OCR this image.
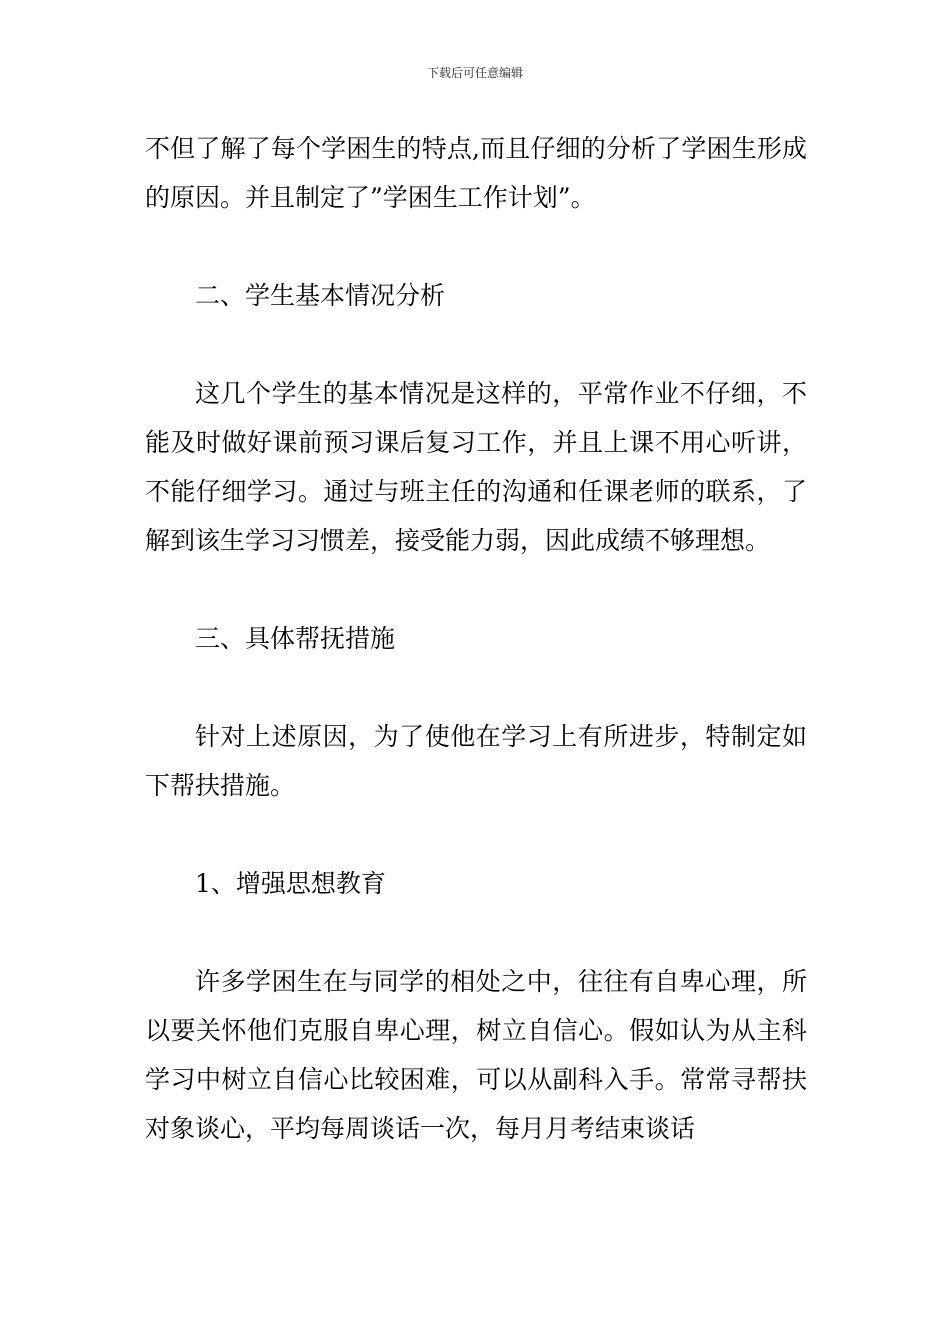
下载后可任意编辑

不但了解了每个学困生的特点,而且仔细的分析了学困生形成的原因。并且制定了”学困生工作计划”。

二、学生基本情况分析

这几个学生的基本情况是这样的，平常作业不仔细，不能及时做好课前预习课后复习工作，并且上课不用心听讲，不能仔细学习。通过与班主任的沟通和任课老师的联系，了解到该生学习习惯差，接受能力弱，因此成绩不够理想。

三、具体帮抚措施

针对上述原因，为了使他在学习上有所进步，特制定如下帮扶措施。

1、增强思想教育

许多学困生在与同学的相处之中，往往有自卑心理，所以要关怀他们克服自卑心理，树立自信心。假如认为从主科学习中树立自信心比较困难，可以从副科入手。常常寻帮扶对象谈心，平均每周谈话一次，每月月考结束谈话
